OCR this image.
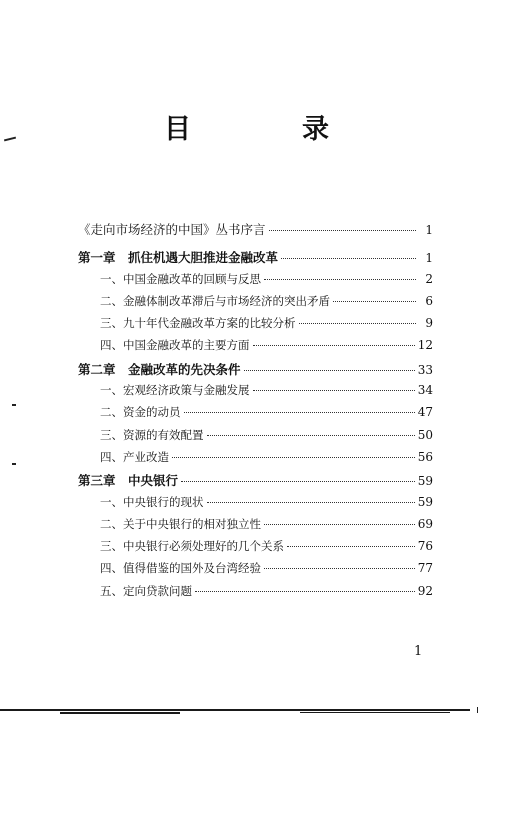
目　录
《走向市场经济的中国》丛书序言	1
第一章　抓住机遇大胆推进金融改革	1
一、中国金融改革的回顾与反思	2
二、金融体制改革滞后与市场经济的突出矛盾	6
三、九十年代金融改革方案的比较分析	9
四、中国金融改革的主要方面	12
第二章　金融改革的先决条件	33
一、宏观经济政策与金融发展	34
二、资金的动员	47
三、资源的有效配置	50
四、产业改造	56
第三章　中央银行	59
一、中央银行的现状	59
二、关于中央银行的相对独立性	69
三、中央银行必须处理好的几个关系	76
四、值得借鉴的国外及台湾经验	77
五、定向贷款问题	92
1
